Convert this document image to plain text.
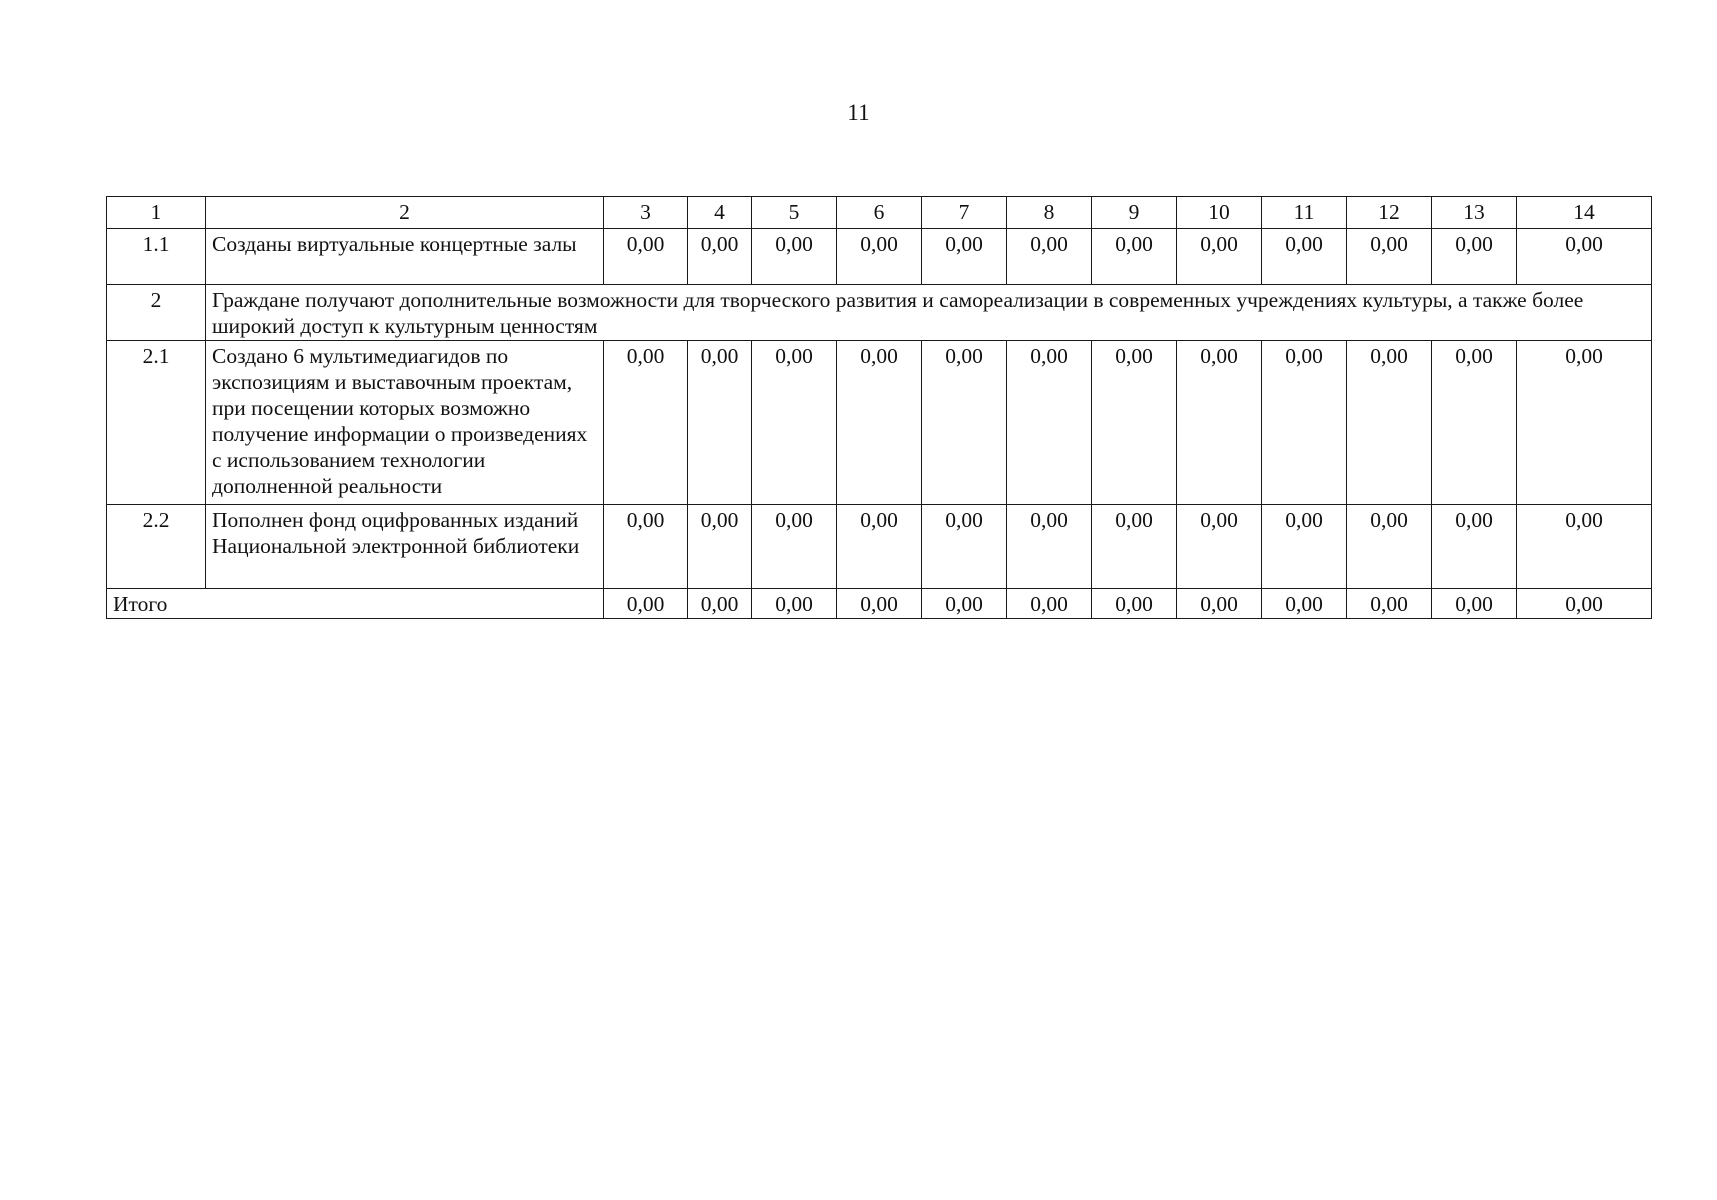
11
1	2	3	4	5	6	7	8	9	10	11	12	13	14
1.1	Созданы виртуальные концертные залы	0,00	0,00	0,00	0,00	0,00	0,00	0,00	0,00	0,00	0,00	0,00	0,00
2	Граждане получают дополнительные возможности для творческого развития и самореализации в современных учреждениях культуры, а также более широкий доступ к культурным ценностям												
2.1	Создано 6 мультимедиагидов по экспозициям и выставочным проектам, при посещении которых возможно получение информации о произведениях с использованием технологии дополненной реальности	0,00	0,00	0,00	0,00	0,00	0,00	0,00	0,00	0,00	0,00	0,00	0,00
2.2	Пополнен фонд оцифрованных изданий Национальной электронной библиотеки	0,00	0,00	0,00	0,00	0,00	0,00	0,00	0,00	0,00	0,00	0,00	0,00
Итого		0,00	0,00	0,00	0,00	0,00	0,00	0,00	0,00	0,00	0,00	0,00	0,00
